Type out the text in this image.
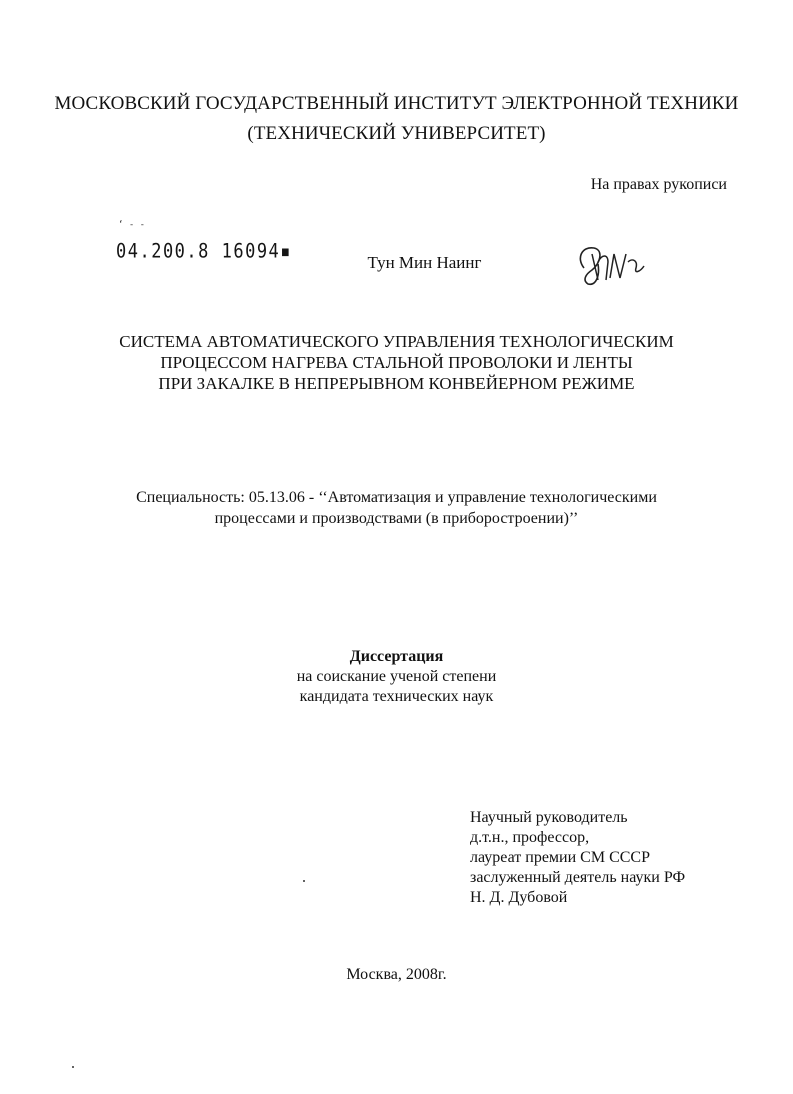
МОСКОВСКИЙ ГОСУДАРСТВЕННЫЙ ИНСТИТУТ ЭЛЕКТРОННОЙ ТЕХНИКИ
(ТЕХНИЧЕСКИЙ УНИВЕРСИТЕТ)
На правах рукописи
‘ - -
04.200.8 16094▪	Тун Мин Наинг
СИСТЕМА АВТОМАТИЧЕСКОГО УПРАВЛЕНИЯ ТЕХНОЛОГИЧЕСКИМ
ПРОЦЕССОМ НАГРЕВА СТАЛЬНОЙ ПРОВОЛОКИ И ЛЕНТЫ
ПРИ ЗАКАЛКЕ В НЕПРЕРЫВНОМ КОНВЕЙЕРНОМ РЕЖИМЕ
Специальность: 05.13.06 - ‘‘Автоматизация и управление технологическими
процессами и производствами (в приборостроении)’’
Диссертация
на соискание ученой степени
кандидата технических наук
Научный руководитель
д.т.н., профессор,
лауреат премии СМ СССР
заслуженный деятель науки РФ
Н. Д. Дубовой
Москва, 2008г.
